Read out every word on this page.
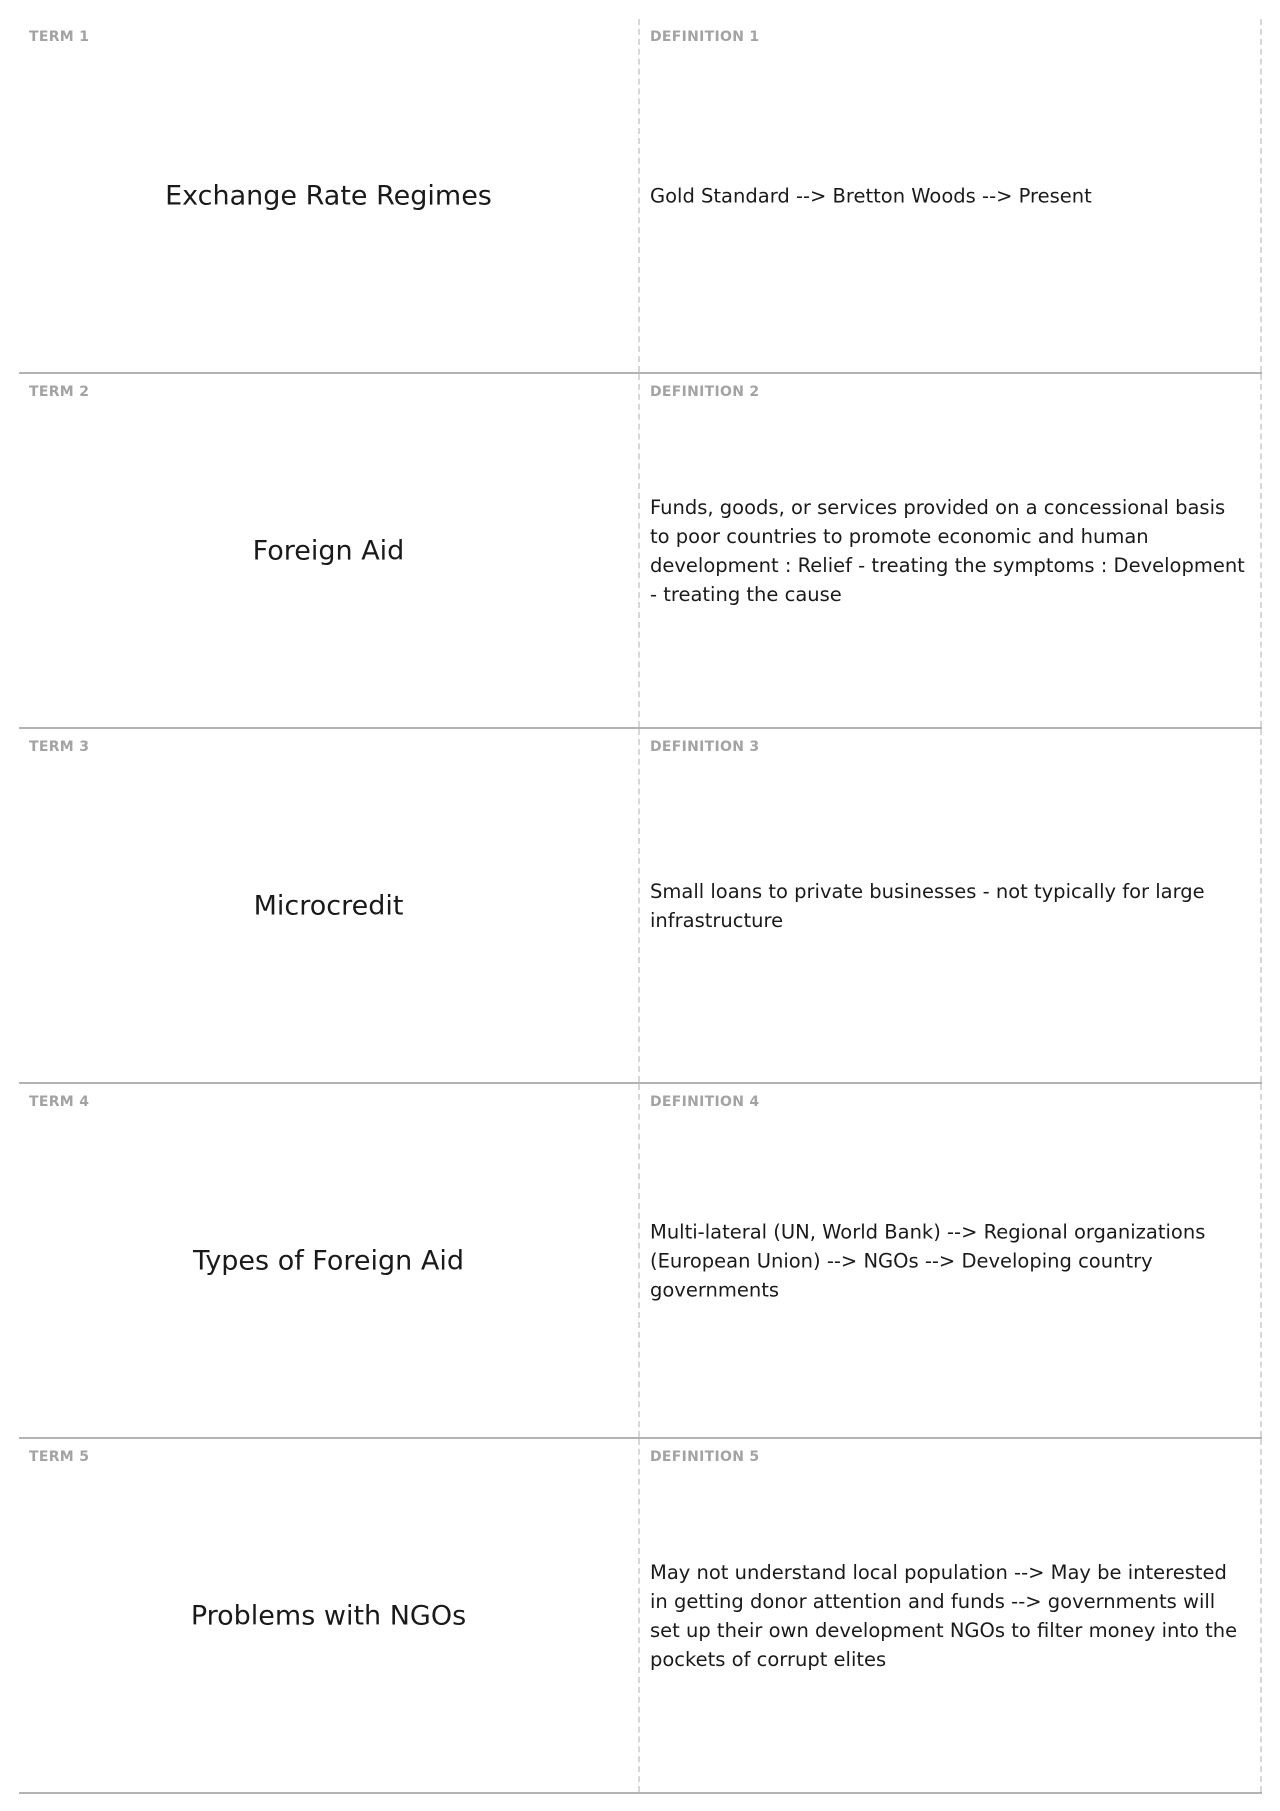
TERM 1
Exchange Rate Regimes
DEFINITION 1
Gold Standard --> Bretton Woods --> Present
TERM 2
Foreign Aid
DEFINITION 2
Funds, goods, or services provided on a concessional basis to poor countries to promote economic and human development : Relief - treating the symptoms : Development - treating the cause
TERM 3
Microcredit
DEFINITION 3
Small loans to private businesses - not typically for large infrastructure
TERM 4
Types of Foreign Aid
DEFINITION 4
Multi-lateral (UN, World Bank) --> Regional organizations (European Union) --> NGOs --> Developing country governments
TERM 5
Problems with NGOs
DEFINITION 5
May not understand local population --> May be interested in getting donor attention and funds --> governments will set up their own development NGOs to filter money into the pockets of corrupt elites
